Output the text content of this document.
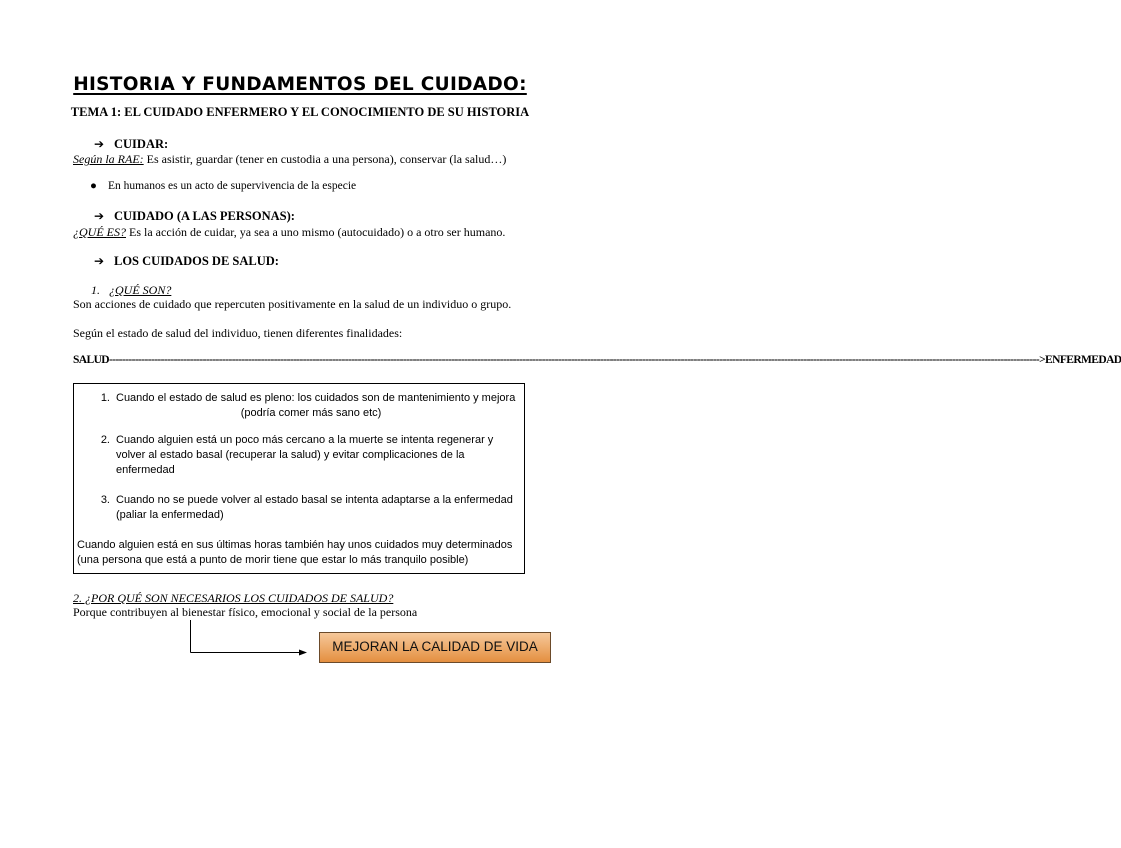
HISTORIA Y FUNDAMENTOS DEL CUIDADO:
TEMA 1: EL CUIDADO ENFERMERO Y EL CONOCIMIENTO DE SU HISTORIA
➔ CUIDAR:
Según la RAE: Es asistir, guardar (tener en custodia a una persona), conservar (la salud…)
● En humanos es un acto de supervivencia de la especie
➔ CUIDADO (A LAS PERSONAS):
¿QUÉ ES? Es la acción de cuidar, ya sea a uno mismo (autocuidado) o a otro ser humano.
➔ LOS CUIDADOS DE SALUD:
1. ¿QUÉ SON?
Son acciones de cuidado que repercuten positivamente en la salud de un individuo o grupo.
Según el estado de salud del individuo, tienen diferentes finalidades:
SALUD------------------------------------------------------------------------------------------------------------------------------------------------------------------------------------------------------------------------------------------------------------------------------------------------>ENFERMEDAD
1. Cuando el estado de salud es pleno: los cuidados son de mantenimiento y mejora
(podría comer más sano etc)
2. Cuando alguien está un poco más cercano a la muerte se intenta regenerar y
volver al estado basal (recuperar la salud) y evitar complicaciones de la
enfermedad
3. Cuando no se puede volver al estado basal se intenta adaptarse a la enfermedad
(paliar la enfermedad)
Cuando alguien está en sus últimas horas también hay unos cuidados muy determinados
(una persona que está a punto de morir tiene que estar lo más tranquilo posible)
2. ¿POR QUÉ SON NECESARIOS LOS CUIDADOS DE SALUD?
Porque contribuyen al bienestar físico, emocional y social de la persona
MEJORAN LA CALIDAD DE VIDA
